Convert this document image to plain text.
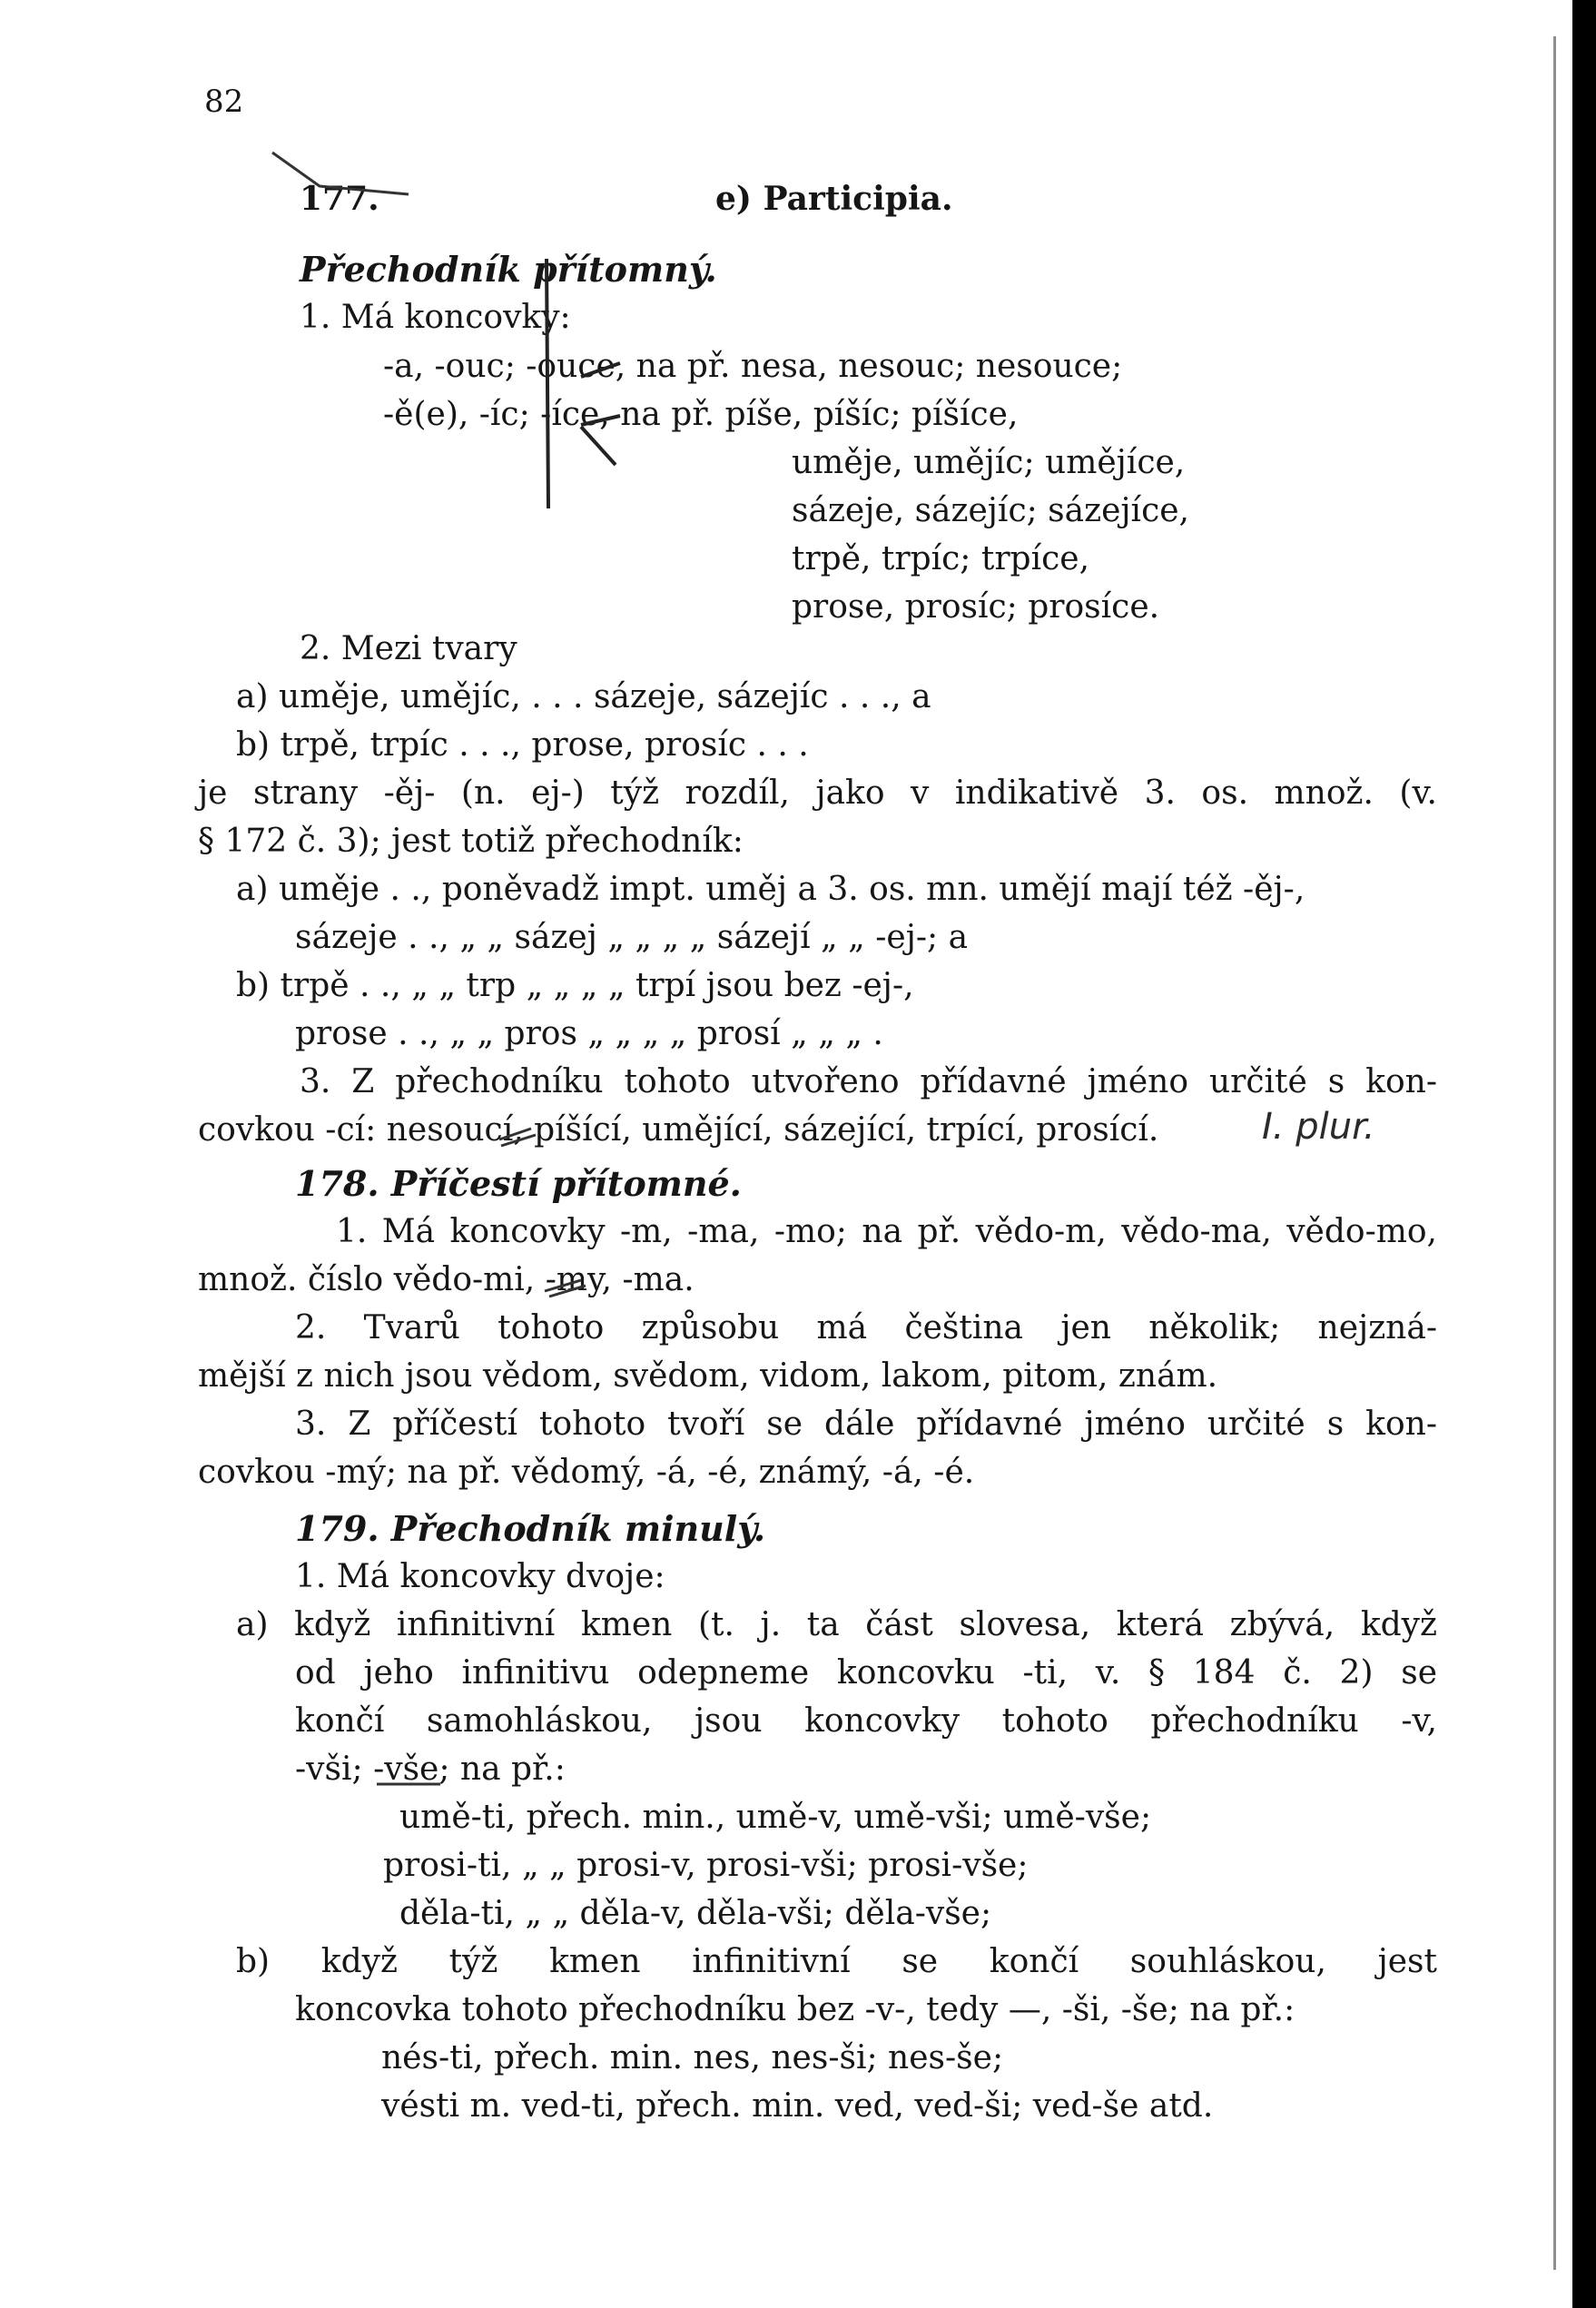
82
177.	e) Participia.
Přechodník přítomný.
1. Má koncovky:
-a, -ouc; -ouce, na př. nesa, nesouc; nesouce;
-ě(e), -íc; -íce, na př. píše, píšíc; píšíce,
uměje, umějíc; umějíce,
sázeje, sázejíc; sázejíce,
trpě, trpíc; trpíce,
prose, prosíc; prosíce.
2. Mezi tvary
a) uměje, umějíc, . . . sázeje, sázejíc . . ., a
b) trpě, trpíc . . ., prose, prosíc . . .
je strany -ěj- (n. ej-) týž rozdíl, jako v indikativě 3. os. množ. (v.
§ 172 č. 3); jest totiž přechodník:
a) uměje . ., poněvadž impt. uměj a 3. os. mn. umějí mají též -ěj-,
sázeje . ., „ „ sázej „ „ „ „ sázejí „ „ -ej-; a
b) trpě . ., „ „ trp „ „ „ „ trpí jsou bez -ej-,
prose . ., „ „ pros „ „ „ „ prosí „ „ „ .
3. Z přechodníku tohoto utvořeno přídavné jméno určité s kon-
covkou -cí: nesoucí, píšící, umějící, sázející, trpící, prosící.	I. plur.
178. Příčestí přítomné.
1. Má koncovky -m, -ma, -mo; na př. vědo-m, vědo-ma, vědo-mo,
množ. číslo vědo-mi, -my, -ma.
2. Tvarů tohoto způsobu má čeština jen několik; nejzná-
mější z nich jsou vědom, svědom, vidom, lakom, pitom, znám.
3. Z příčestí tohoto tvoří se dále přídavné jméno určité s kon-
covkou -mý; na př. vědomý, -á, -é, známý, -á, -é.
179. Přechodník minulý.
1. Má koncovky dvoje:
a) když infinitivní kmen (t. j. ta část slovesa, která zbývá, když
od jeho infinitivu odepneme koncovku -ti, v. § 184 č. 2) se
končí samohláskou, jsou koncovky tohoto přechodníku -v,
-vši; -vše; na př.:
umě-ti, přech. min., umě-v, umě-vši; umě-vše;
prosi-ti, „ „ prosi-v, prosi-vši; prosi-vše;
děla-ti, „ „ děla-v, děla-vši; děla-vše;
b) když týž kmen infinitivní se končí souhláskou, jest
koncovka tohoto přechodníku bez -v-, tedy —, -ši, -še; na př.:
nés-ti, přech. min. nes, nes-ši; nes-še;
vésti m. ved-ti, přech. min. ved, ved-ši; ved-še atd.
